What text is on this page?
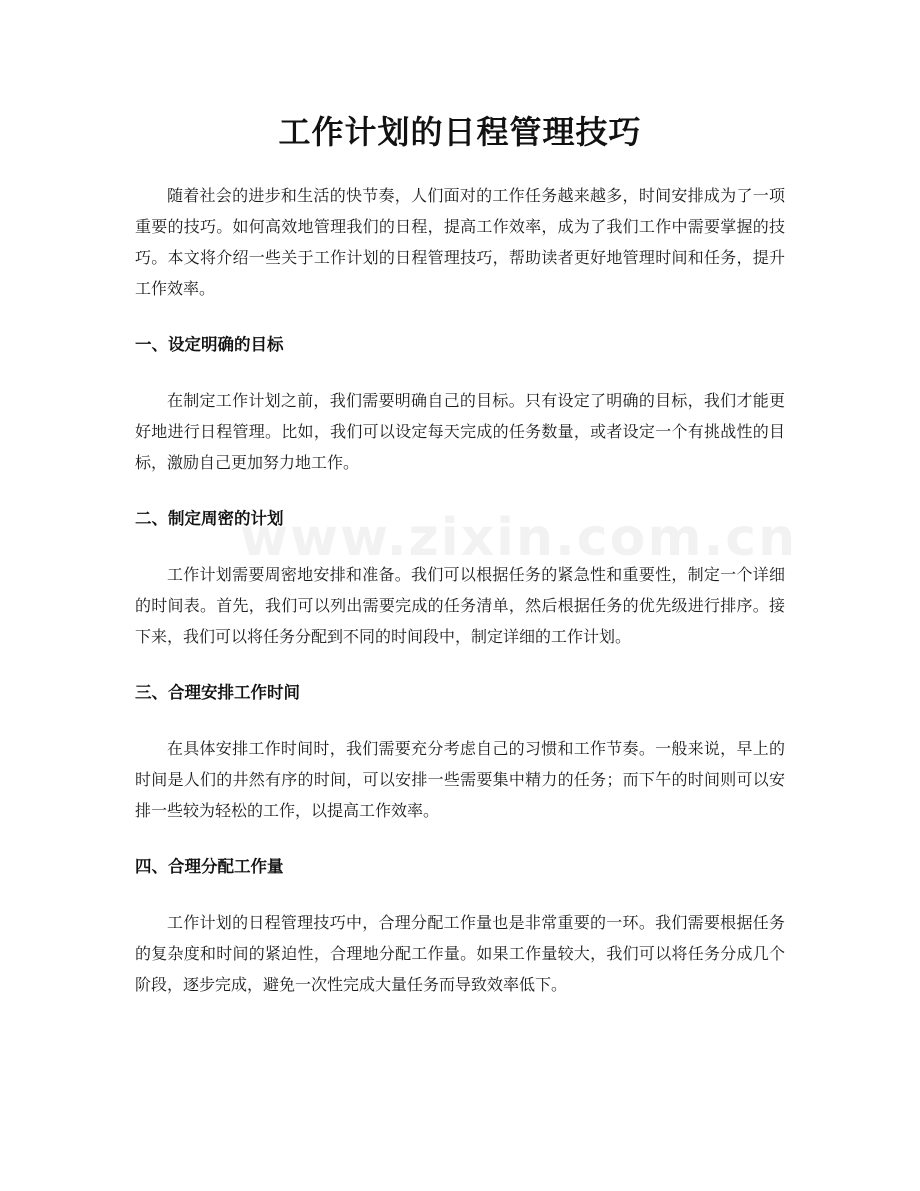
工作计划的日程管理技巧
www.zixin.com.cn

随着社会的进步和生活的快节奏，人们面对的工作任务越来越多，时间安排成为了一项重要的技巧。如何高效地管理我们的日程，提高工作效率，成为了我们工作中需要掌握的技巧。本文将介绍一些关于工作计划的日程管理技巧，帮助读者更好地管理时间和任务，提升工作效率。

一、设定明确的目标

在制定工作计划之前，我们需要明确自己的目标。只有设定了明确的目标，我们才能更好地进行日程管理。比如，我们可以设定每天完成的任务数量，或者设定一个有挑战性的目标，激励自己更加努力地工作。

二、制定周密的计划

工作计划需要周密地安排和准备。我们可以根据任务的紧急性和重要性，制定一个详细的时间表。首先，我们可以列出需要完成的任务清单，然后根据任务的优先级进行排序。接下来，我们可以将任务分配到不同的时间段中，制定详细的工作计划。

三、合理安排工作时间

在具体安排工作时间时，我们需要充分考虑自己的习惯和工作节奏。一般来说，早上的时间是人们的井然有序的时间，可以安排一些需要集中精力的任务；而下午的时间则可以安排一些较为轻松的工作，以提高工作效率。

四、合理分配工作量

工作计划的日程管理技巧中，合理分配工作量也是非常重要的一环。我们需要根据任务的复杂度和时间的紧迫性，合理地分配工作量。如果工作量较大，我们可以将任务分成几个阶段，逐步完成，避免一次性完成大量任务而导致效率低下。
